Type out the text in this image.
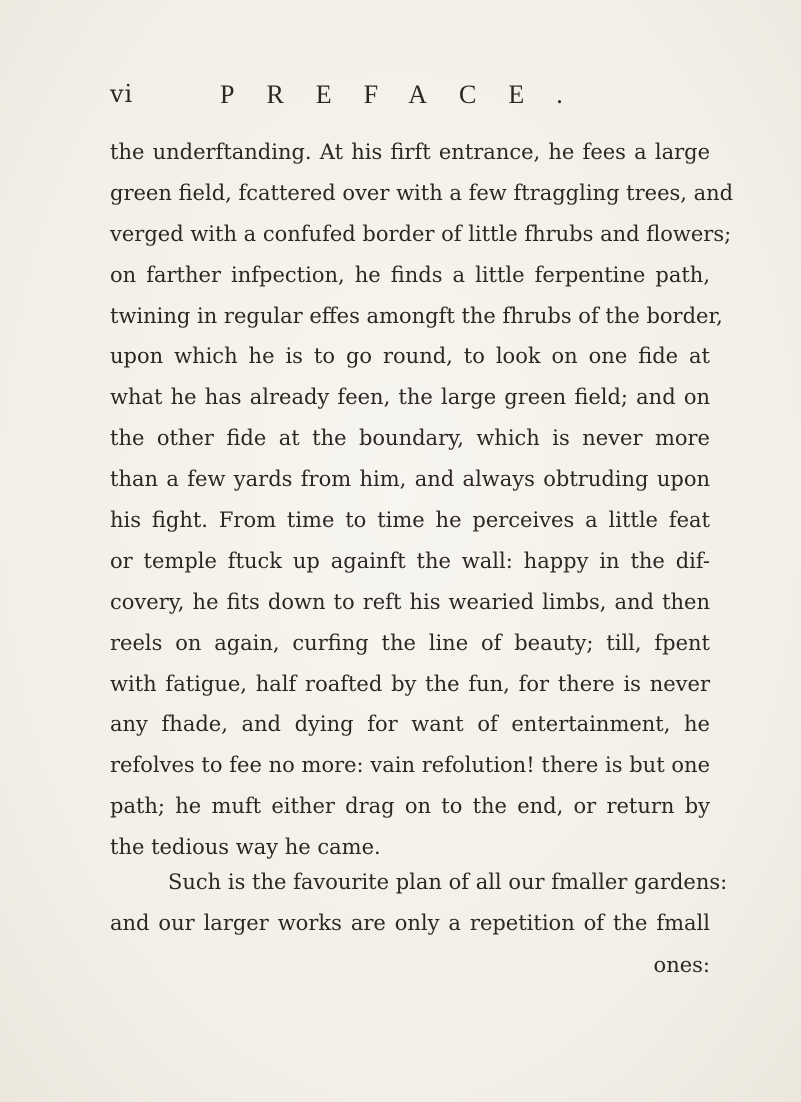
vi	PREFACE.
the underftanding. At his firft entrance, he fees a large
green field, fcattered over with a few ftraggling trees, and
verged with a confufed border of little fhrubs and flowers;
on farther infpection, he finds a little ferpentine path,
twining in regular effes amongft the fhrubs of the border,
upon which he is to go round, to look on one fide at
what he has already feen, the large green field; and on
the other fide at the boundary, which is never more
than a few yards from him, and always obtruding upon
his fight. From time to time he perceives a little feat
or temple ftuck up againft the wall: happy in the dif-
covery, he fits down to reft his wearied limbs, and then
reels on again, curfing the line of beauty; till, fpent
with fatigue, half roafted by the fun, for there is never
any fhade, and dying for want of entertainment, he
refolves to fee no more: vain refolution! there is but one
path; he muft either drag on to the end, or return by
the tedious way he came.
Such is the favourite plan of all our fmaller gardens:
and our larger works are only a repetition of the fmall
ones:
